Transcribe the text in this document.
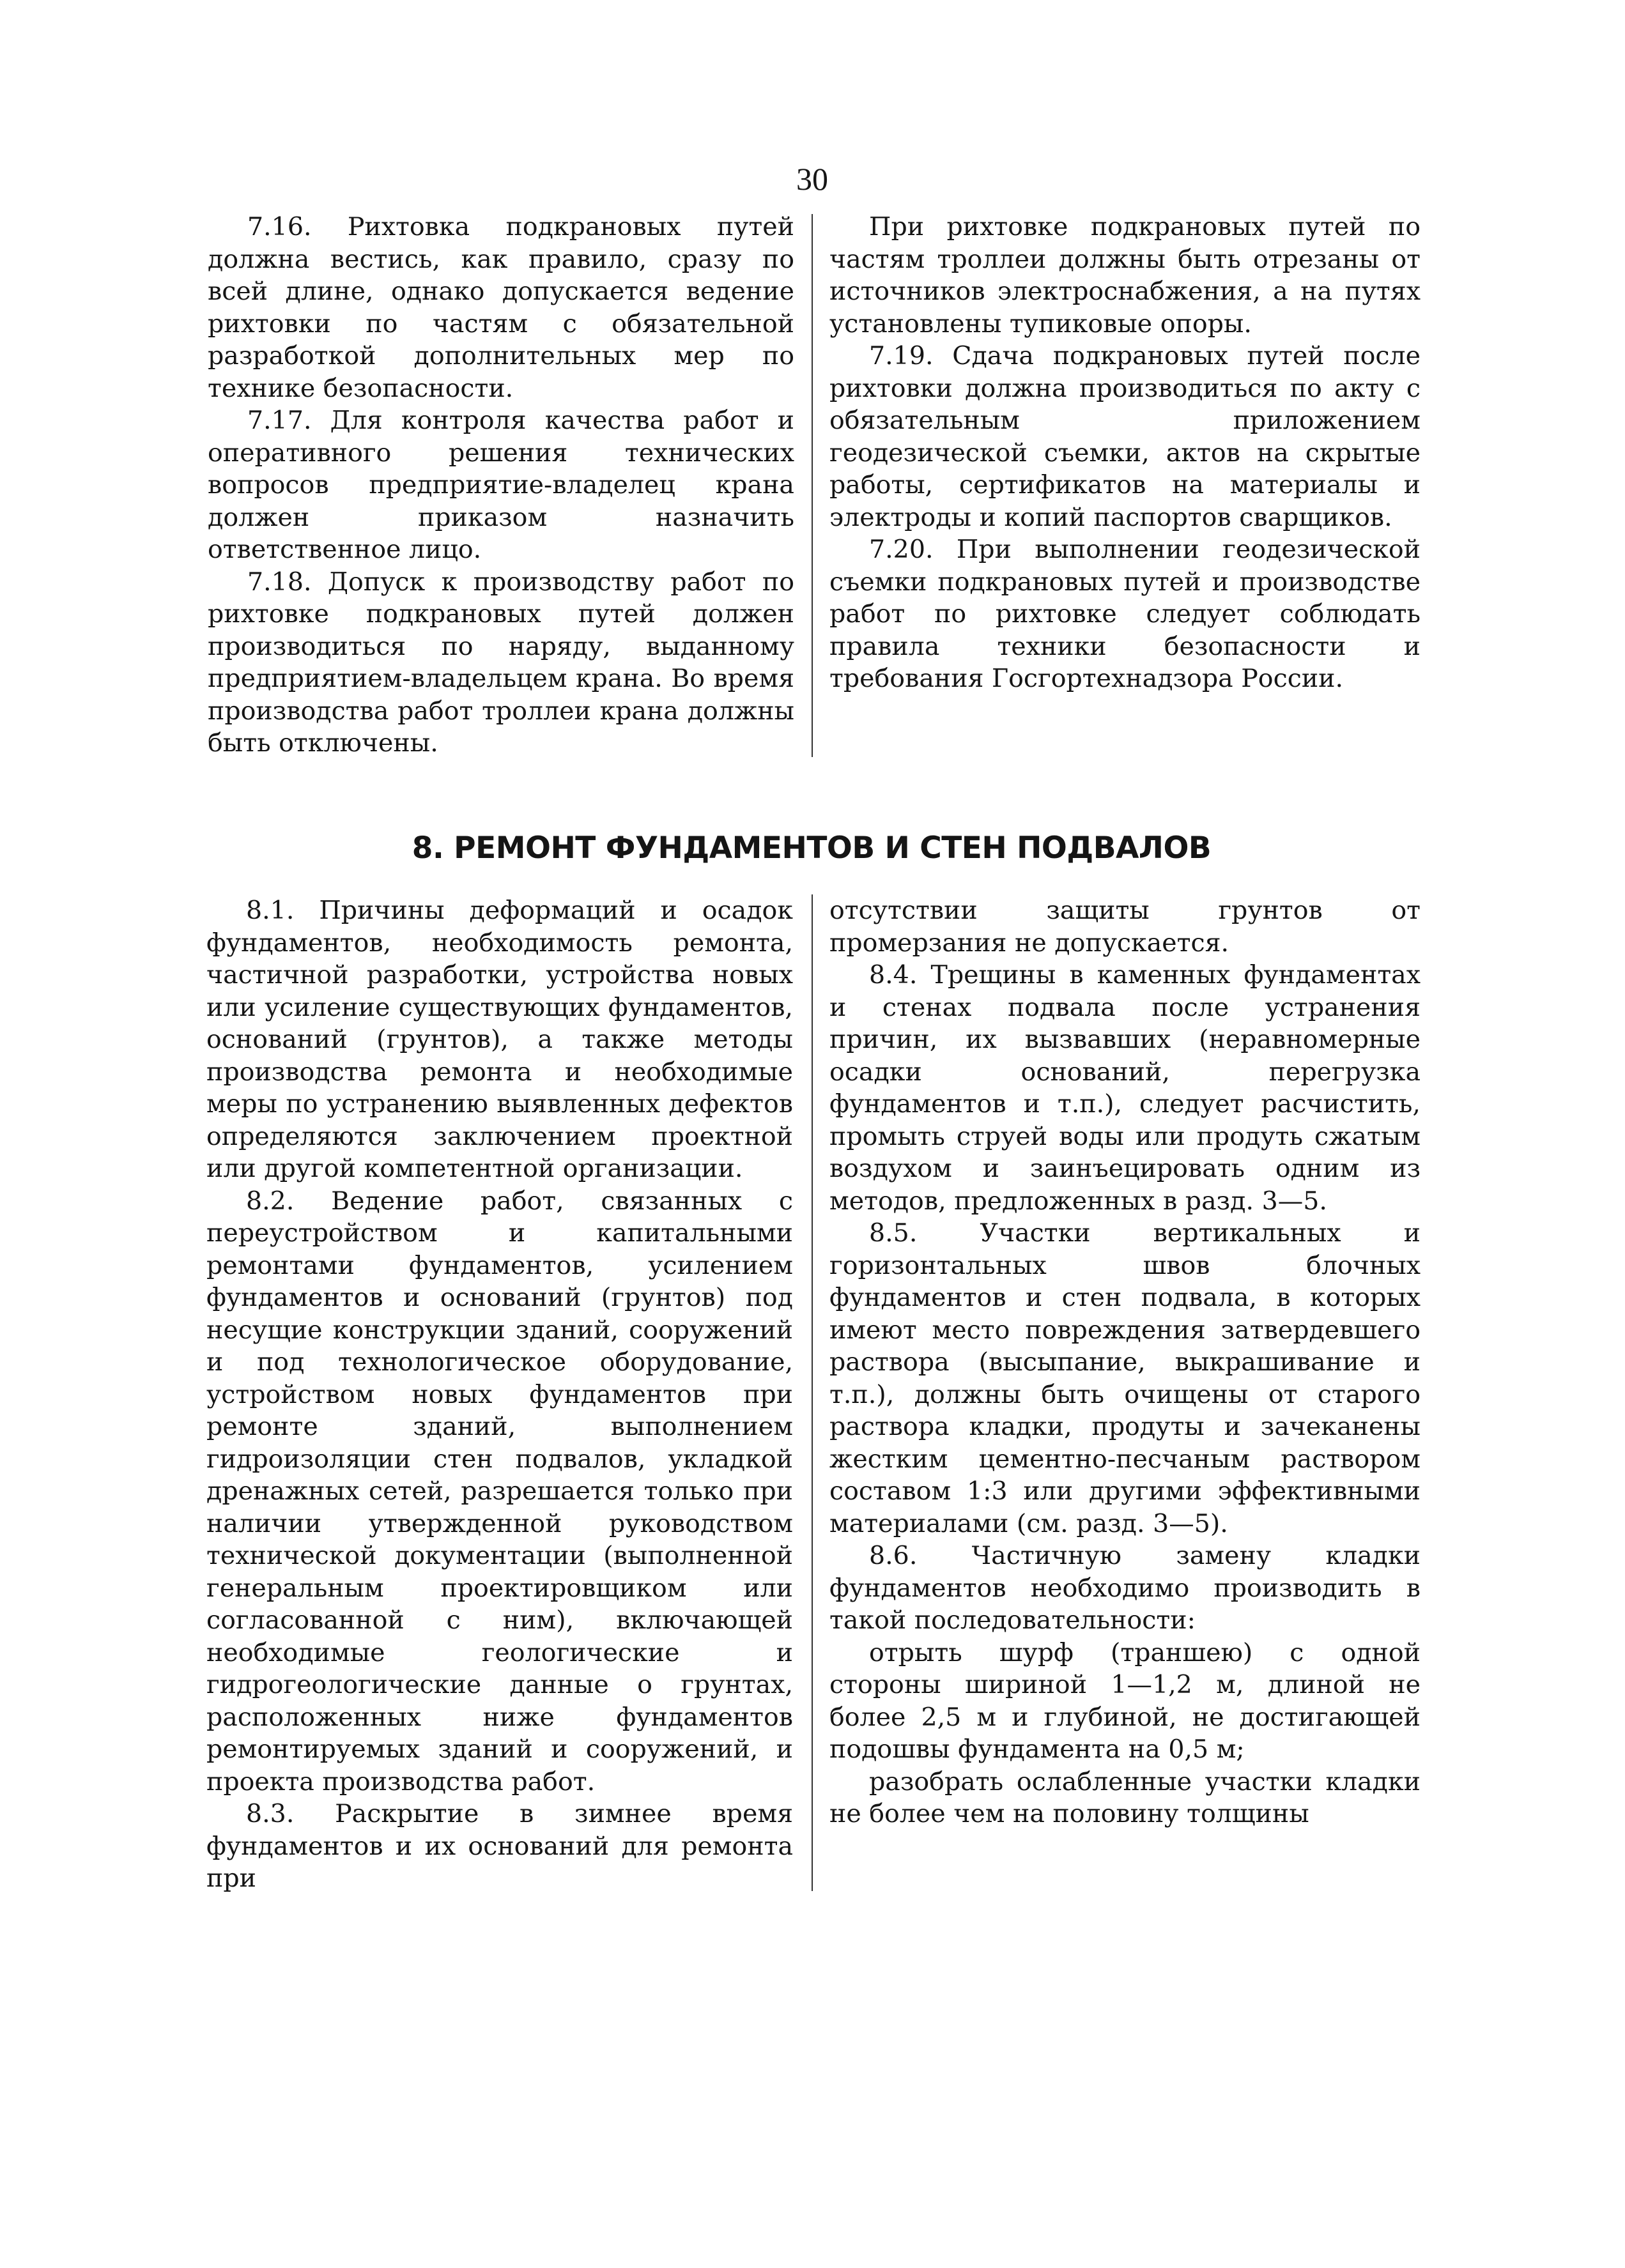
30

7.16. Рихтовка подкрановых путей должна вестись, как правило, сразу по всей длине, однако допускается ведение рихтовки по частям с обязательной разработкой дополнительных мер по технике безопасности.

7.17. Для контроля качества работ и оперативного решения технических вопросов предприятие-владелец крана должен приказом назначить ответственное лицо.

7.18. Допуск к производству работ по рихтовке подкрановых путей должен производиться по наряду, выданному предприятием-владельцем крана. Во время производства работ троллеи крана должны быть отключены.

При рихтовке подкрановых путей по частям троллеи должны быть отрезаны от источников электроснабжения, а на путях установлены тупиковые опоры.

7.19. Сдача подкрановых путей после рихтовки должна производиться по акту с обязательным приложением геодезической съемки, актов на скрытые работы, сертификатов на материалы и электроды и копий паспортов сварщиков.

7.20. При выполнении геодезической съемки подкрановых путей и производстве работ по рихтовке следует соблюдать правила техники безопасности и требования Госгортехнадзора России.

8. РЕМОНТ ФУНДАМЕНТОВ И СТЕН ПОДВАЛОВ

8.1. Причины деформаций и осадок фундаментов, необходимость ремонта, частичной разработки, устройства новых или усиление существующих фундаментов, оснований (грунтов), а также методы производства ремонта и необходимые меры по устранению выявленных дефектов определяются заключением проектной или другой компетентной организации.

8.2. Ведение работ, связанных с переустройством и капитальными ремонтами фундаментов, усилением фундаментов и оснований (грунтов) под несущие конструкции зданий, сооружений и под технологическое оборудование, устройством новых фундаментов при ремонте зданий, выполнением гидроизоляции стен подвалов, укладкой дренажных сетей, разрешается только при наличии утвержденной руководством технической документации (выполненной генеральным проектировщиком или согласованной с ним), включающей необходимые геологические и гидрогеологические данные о грунтах, расположенных ниже фундаментов ремонтируемых зданий и сооружений, и проекта производства работ.

8.3. Раскрытие в зимнее время фундаментов и их оснований для ремонта при

отсутствии защиты грунтов от промерзания не допускается.

8.4. Трещины в каменных фундаментах и стенах подвала после устранения причин, их вызвавших (неравномерные осадки оснований, перегрузка фундаментов и т.п.), следует расчистить, промыть струей воды или продуть сжатым воздухом и заинъецировать одним из методов, предложенных в разд. 3—5.

8.5. Участки вертикальных и горизонтальных швов блочных фундаментов и стен подвала, в которых имеют место повреждения затвердевшего раствора (высыпание, выкрашивание и т.п.), должны быть очищены от старого раствора кладки, продуты и зачеканены жестким цементно-песчаным раствором составом 1:3 или другими эффективными материалами (см. разд. 3—5).

8.6. Частичную замену кладки фундаментов необходимо производить в такой последовательности:

отрыть шурф (траншею) с одной стороны шириной 1—1,2 м, длиной не более 2,5 м и глубиной, не достигающей подошвы фундамента на 0,5 м;

разобрать ослабленные участки кладки не более чем на половину толщины
